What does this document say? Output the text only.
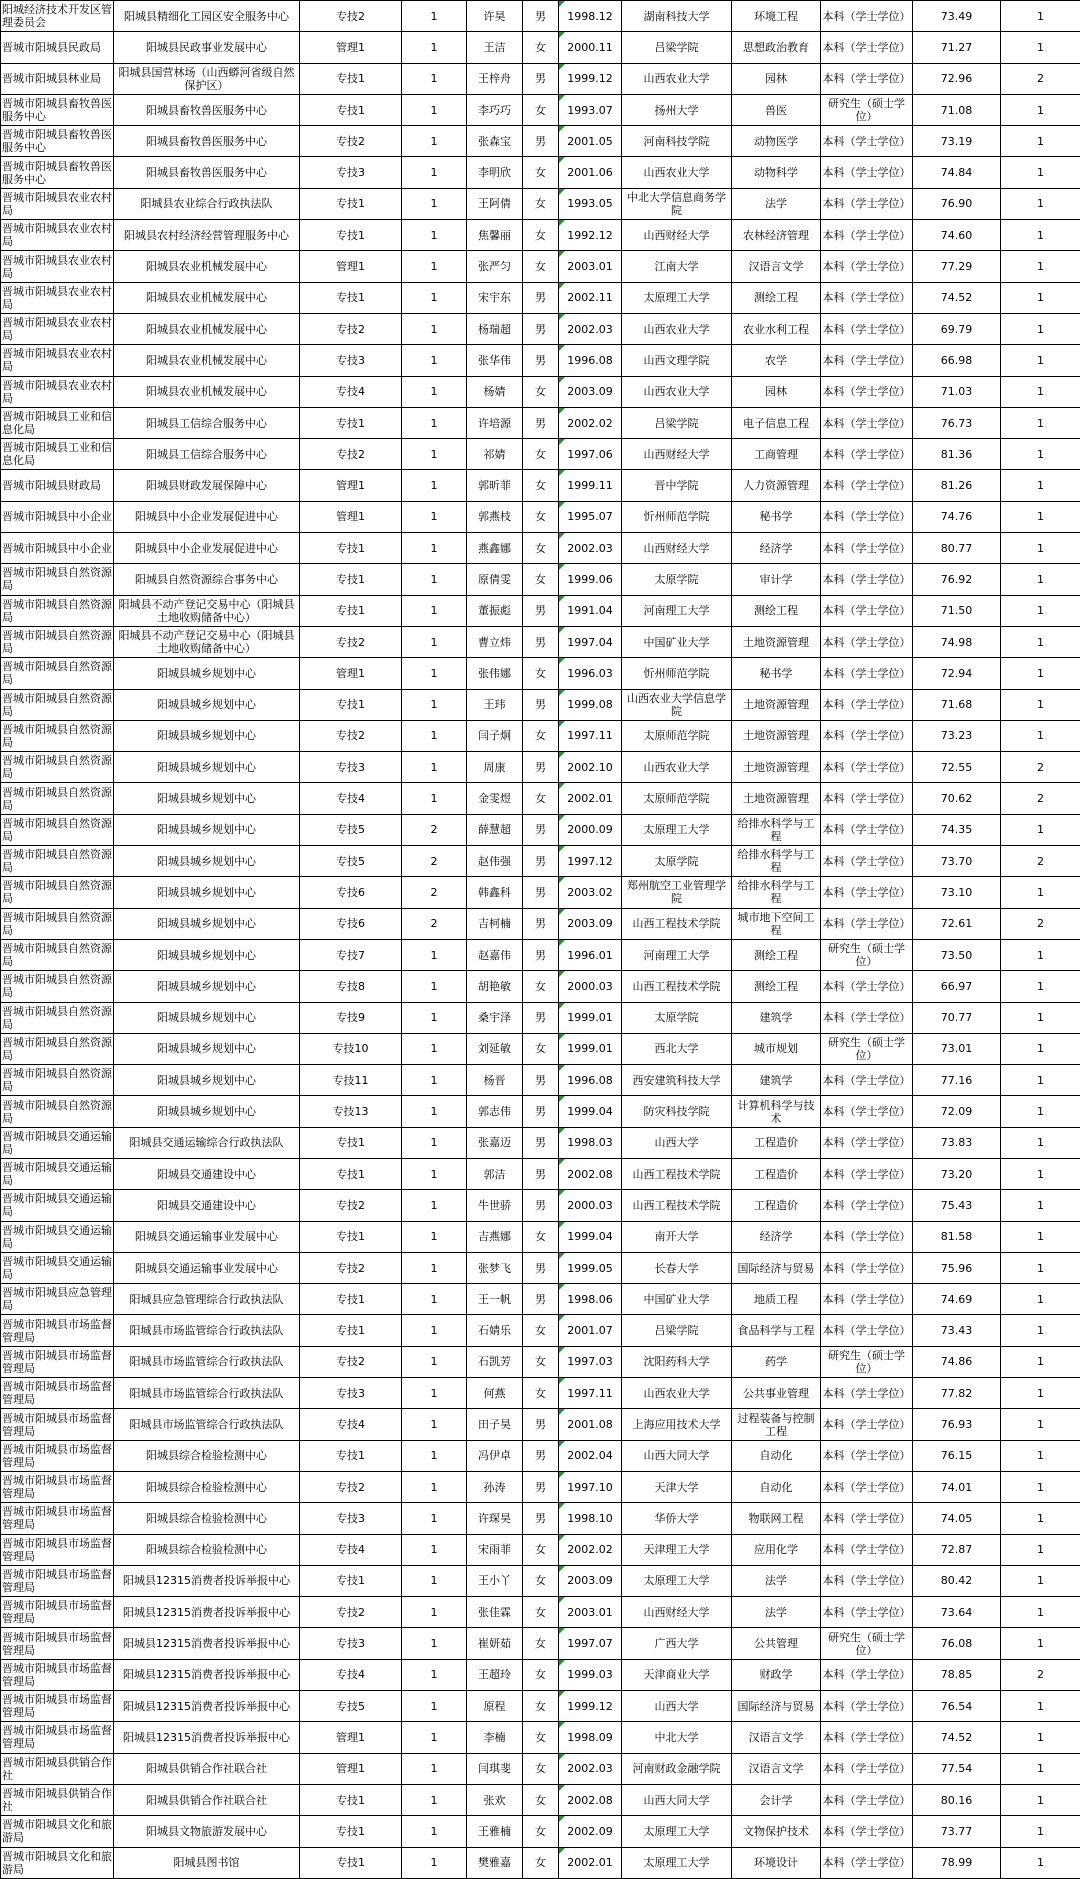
阳城经济技术开发区管理委员会	阳城县精细化工园区安全服务中心	专技2	1	许昊	男	1998.12	湖南科技大学	环境工程	本科（学士学位）	73.49	1
晋城市阳城县民政局	阳城县民政事业发展中心	管理1	1	王洁	女	2000.11	吕梁学院	思想政治教育	本科（学士学位）	71.27	1
晋城市阳城县林业局	阳城县国营林场（山西蟒河省级自然保护区）	专技1	1	王梓舟	男	1999.12	山西农业大学	园林	本科（学士学位）	72.96	2
晋城市阳城县畜牧兽医服务中心	阳城县畜牧兽医服务中心	专技1	1	李巧巧	女	1993.07	扬州大学	兽医	研究生（硕士学位）	71.08	1
晋城市阳城县畜牧兽医服务中心	阳城县畜牧兽医服务中心	专技2	1	张森宝	男	2001.05	河南科技学院	动物医学	本科（学士学位）	73.19	1
晋城市阳城县畜牧兽医服务中心	阳城县畜牧兽医服务中心	专技3	1	李明欣	女	2001.06	山西农业大学	动物科学	本科（学士学位）	74.84	1
晋城市阳城县农业农村局	阳城县农业综合行政执法队	专技1	1	王阿倩	女	1993.05	中北大学信息商务学院	法学	本科（学士学位）	76.90	1
晋城市阳城县农业农村局	阳城县农村经济经营管理服务中心	专技1	1	焦馨丽	女	1992.12	山西财经大学	农林经济管理	本科（学士学位）	74.60	1
晋城市阳城县农业农村局	阳城县农业机械发展中心	管理1	1	张严匀	女	2003.01	江南大学	汉语言文学	本科（学士学位）	77.29	1
晋城市阳城县农业农村局	阳城县农业机械发展中心	专技1	1	宋宇东	男	2002.11	太原理工大学	测绘工程	本科（学士学位）	74.52	1
晋城市阳城县农业农村局	阳城县农业机械发展中心	专技2	1	杨瑞超	男	2002.03	山西农业大学	农业水利工程	本科（学士学位）	69.79	1
晋城市阳城县农业农村局	阳城县农业机械发展中心	专技3	1	张华伟	男	1996.08	山西文理学院	农学	本科（学士学位）	66.98	1
晋城市阳城县农业农村局	阳城县农业机械发展中心	专技4	1	杨婧	女	2003.09	山西农业大学	园林	本科（学士学位）	71.03	1
晋城市阳城县工业和信息化局	阳城县工信综合服务中心	专技1	1	许培源	男	2002.02	吕梁学院	电子信息工程	本科（学士学位）	76.73	1
晋城市阳城县工业和信息化局	阳城县工信综合服务中心	专技2	1	祁婧	女	1997.06	山西财经大学	工商管理	本科（学士学位）	81.36	1
晋城市阳城县财政局	阳城县财政发展保障中心	管理1	1	郭昕菲	女	1999.11	晋中学院	人力资源管理	本科（学士学位）	81.26	1
晋城市阳城县中小企业	阳城县中小企业发展促进中心	管理1	1	郭燕枝	女	1995.07	忻州师范学院	秘书学	本科（学士学位）	74.76	1
晋城市阳城县中小企业	阳城县中小企业发展促进中心	专技1	1	燕鑫娜	女	2002.03	山西财经大学	经济学	本科（学士学位）	80.77	1
晋城市阳城县自然资源局	阳城县自然资源综合事务中心	专技1	1	原倩雯	女	1999.06	太原学院	审计学	本科（学士学位）	76.92	1
晋城市阳城县自然资源局	阳城县不动产登记交易中心（阳城县土地收购储备中心）	专技1	1	董振彪	男	1991.04	河南理工大学	测绘工程	本科（学士学位）	71.50	1
晋城市阳城县自然资源局	阳城县不动产登记交易中心（阳城县土地收购储备中心）	专技2	1	曹立炜	男	1997.04	中国矿业大学	土地资源管理	本科（学士学位）	74.98	1
晋城市阳城县自然资源局	阳城县城乡规划中心	管理1	1	张伟娜	女	1996.03	忻州师范学院	秘书学	本科（学士学位）	72.94	1
晋城市阳城县自然资源局	阳城县城乡规划中心	专技1	1	王玮	男	1999.08	山西农业大学信息学院	土地资源管理	本科（学士学位）	71.68	1
晋城市阳城县自然资源局	阳城县城乡规划中心	专技2	1	闫子炯	女	1997.11	太原师范学院	土地资源管理	本科（学士学位）	73.23	1
晋城市阳城县自然资源局	阳城县城乡规划中心	专技3	1	周康	男	2002.10	山西农业大学	土地资源管理	本科（学士学位）	72.55	2
晋城市阳城县自然资源局	阳城县城乡规划中心	专技4	1	金雯煜	女	2002.01	太原师范学院	土地资源管理	本科（学士学位）	70.62	2
晋城市阳城县自然资源局	阳城县城乡规划中心	专技5	2	薛慧超	男	2000.09	太原理工大学	给排水科学与工程	本科（学士学位）	74.35	1
晋城市阳城县自然资源局	阳城县城乡规划中心	专技5	2	赵伟强	男	1997.12	太原学院	给排水科学与工程	本科（学士学位）	73.70	2
晋城市阳城县自然资源局	阳城县城乡规划中心	专技6	2	韩鑫科	男	2003.02	郑州航空工业管理学院	给排水科学与工程	本科（学士学位）	73.10	1
晋城市阳城县自然资源局	阳城县城乡规划中心	专技6	2	吉柯楠	男	2003.09	山西工程技术学院	城市地下空间工程	本科（学士学位）	72.61	2
晋城市阳城县自然资源局	阳城县城乡规划中心	专技7	1	赵嘉伟	男	1996.01	河南理工大学	测绘工程	研究生（硕士学位）	73.50	1
晋城市阳城县自然资源局	阳城县城乡规划中心	专技8	1	胡艳敏	女	2000.03	山西工程技术学院	测绘工程	本科（学士学位）	66.97	1
晋城市阳城县自然资源局	阳城县城乡规划中心	专技9	1	桑宇泽	男	1999.01	太原学院	建筑学	本科（学士学位）	70.77	1
晋城市阳城县自然资源局	阳城县城乡规划中心	专技10	1	刘延敏	女	1999.01	西北大学	城市规划	研究生（硕士学位）	73.01	1
晋城市阳城县自然资源局	阳城县城乡规划中心	专技11	1	杨晋	男	1996.08	西安建筑科技大学	建筑学	本科（学士学位）	77.16	1
晋城市阳城县自然资源局	阳城县城乡规划中心	专技13	1	郭志伟	男	1999.04	防灾科技学院	计算机科学与技术	本科（学士学位）	72.09	1
晋城市阳城县交通运输局	阳城县交通运输综合行政执法队	专技1	1	张嘉迈	男	1998.03	山西大学	工程造价	本科（学士学位）	73.83	1
晋城市阳城县交通运输局	阳城县交通建设中心	专技1	1	郭洁	男	2002.08	山西工程技术学院	工程造价	本科（学士学位）	73.20	1
晋城市阳城县交通运输局	阳城县交通建设中心	专技2	1	牛世骄	男	2000.03	山西工程技术学院	工程造价	本科（学士学位）	75.43	1
晋城市阳城县交通运输局	阳城县交通运输事业发展中心	专技1	1	吉燕娜	女	1999.04	南开大学	经济学	本科（学士学位）	81.58	1
晋城市阳城县交通运输局	阳城县交通运输事业发展中心	专技2	1	张梦飞	男	1999.05	长春大学	国际经济与贸易	本科（学士学位）	75.96	1
晋城市阳城县应急管理局	阳城县应急管理综合行政执法队	专技1	1	王一帆	男	1998.06	中国矿业大学	地质工程	本科（学士学位）	74.69	1
晋城市阳城县市场监督管理局	阳城县市场监管综合行政执法队	专技1	1	石婧乐	女	2001.07	吕梁学院	食品科学与工程	本科（学士学位）	73.43	1
晋城市阳城县市场监督管理局	阳城县市场监管综合行政执法队	专技2	1	石凯芳	女	1997.03	沈阳药科大学	药学	研究生（硕士学位）	74.86	1
晋城市阳城县市场监督管理局	阳城县市场监管综合行政执法队	专技3	1	何燕	女	1997.11	山西农业大学	公共事业管理	本科（学士学位）	77.82	1
晋城市阳城县市场监督管理局	阳城县市场监管综合行政执法队	专技4	1	田子昊	男	2001.08	上海应用技术大学	过程装备与控制工程	本科（学士学位）	76.93	1
晋城市阳城县市场监督管理局	阳城县综合检验检测中心	专技1	1	冯伊卓	男	2002.04	山西大同大学	自动化	本科（学士学位）	76.15	1
晋城市阳城县市场监督管理局	阳城县综合检验检测中心	专技2	1	孙涛	男	1997.10	天津大学	自动化	本科（学士学位）	74.01	1
晋城市阳城县市场监督管理局	阳城县综合检验检测中心	专技3	1	许琛昊	男	1998.10	华侨大学	物联网工程	本科（学士学位）	74.05	1
晋城市阳城县市场监督管理局	阳城县综合检验检测中心	专技4	1	宋雨菲	女	2002.02	天津理工大学	应用化学	本科（学士学位）	72.87	1
晋城市阳城县市场监督管理局	阳城县12315消费者投诉举报中心	专技1	1	王小丫	女	2003.09	太原理工大学	法学	本科（学士学位）	80.42	1
晋城市阳城县市场监督管理局	阳城县12315消费者投诉举报中心	专技2	1	张佳霖	女	2003.01	山西财经大学	法学	本科（学士学位）	73.64	1
晋城市阳城县市场监督管理局	阳城县12315消费者投诉举报中心	专技3	1	崔妍茹	女	1997.07	广西大学	公共管理	研究生（硕士学位）	76.08	1
晋城市阳城县市场监督管理局	阳城县12315消费者投诉举报中心	专技4	1	王超玲	女	1999.03	天津商业大学	财政学	本科（学士学位）	78.85	2
晋城市阳城县市场监督管理局	阳城县12315消费者投诉举报中心	专技5	1	原程	女	1999.12	山西大学	国际经济与贸易	本科（学士学位）	76.54	1
晋城市阳城县市场监督管理局	阳城县12315消费者投诉举报中心	管理1	1	李楠	女	1998.09	中北大学	汉语言文学	本科（学士学位）	74.52	1
晋城市阳城县供销合作社	阳城县供销合作社联合社	管理1	1	闫琪斐	女	2002.03	河南财政金融学院	汉语言文学	本科（学士学位）	77.54	1
晋城市阳城县供销合作社	阳城县供销合作社联合社	专技1	1	张欢	女	2002.08	山西大同大学	会计学	本科（学士学位）	80.16	1
晋城市阳城县文化和旅游局	阳城县文物旅游发展中心	专技1	1	王雅楠	女	2002.09	太原理工大学	文物保护技术	本科（学士学位）	73.77	1
晋城市阳城县文化和旅游局	阳城县图书馆	专技1	1	樊雅嘉	女	2002.01	太原理工大学	环境设计	本科（学士学位）	78.99	1
